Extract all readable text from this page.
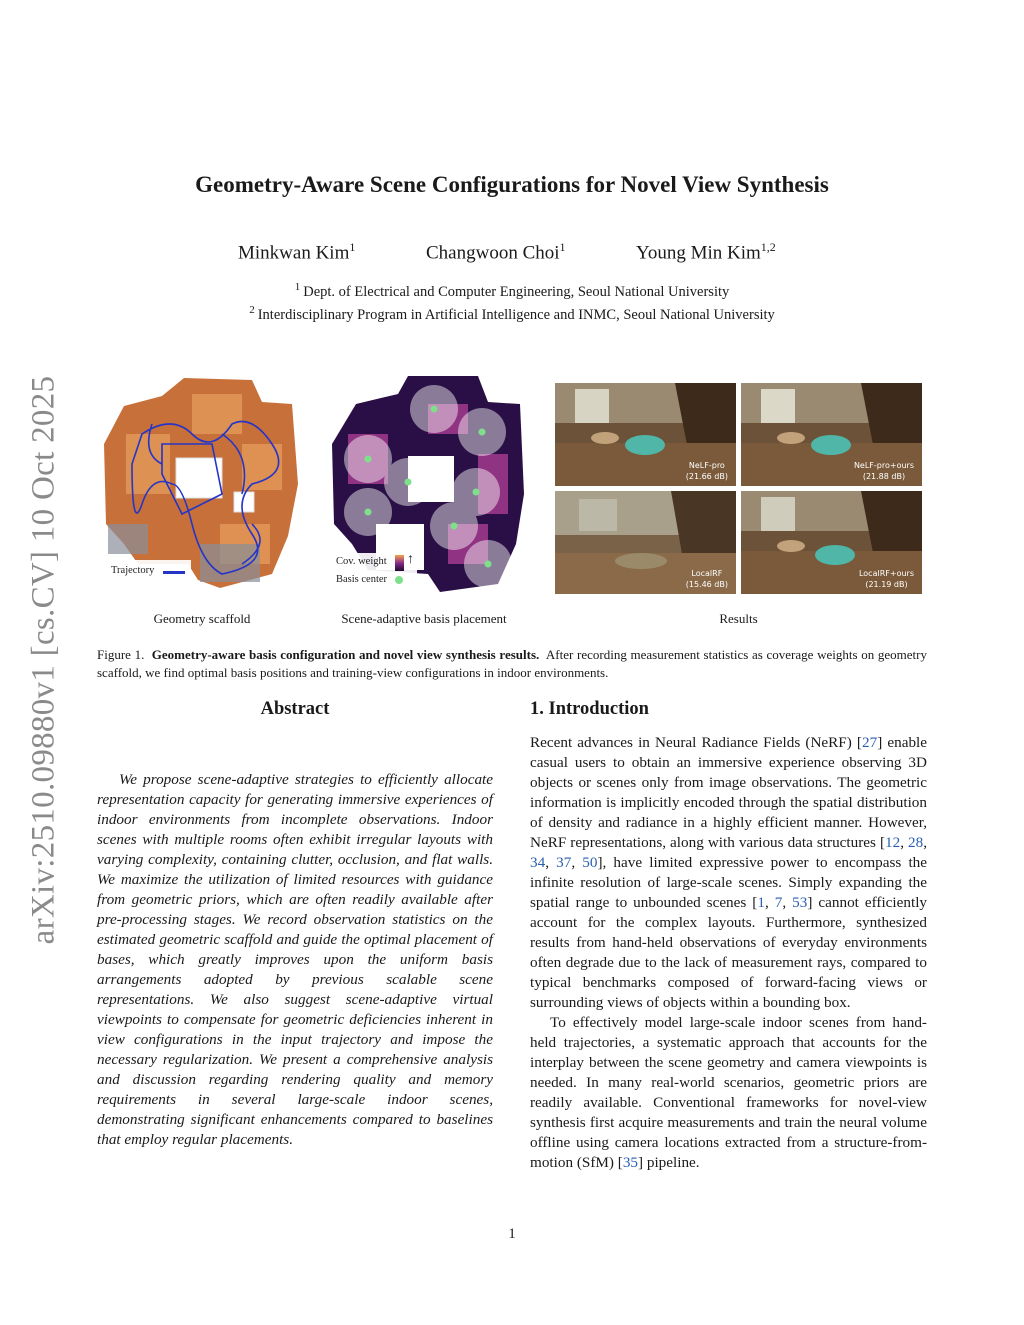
arXiv:2510.09880v1 [cs.CV] 10 Oct 2025
Geometry-Aware Scene Configurations for Novel View Synthesis
Minkwan Kim$^1$	Changwoon Choi$^1$	Young Min Kim$^{1,2}$
$^1$ Dept. of Electrical and Computer Engineering, Seoul National University
$^2$ Interdisciplinary Program in Artificial Intelligence and INMC, Seoul National University
Trajectory
Cov. weight ↑
Basis center
NeLF-pro
(21.66 dB)
NeLF-pro+ours
(21.88 dB)
LocalRF
(15.46 dB)
LocalRF+ours
(21.19 dB)
Geometry scaffold	Scene-adaptive basis placement	Results
Figure 1. Geometry-aware basis configuration and novel view synthesis results. After recording measurement statistics as coverage weights on geometry scaffold, we find optimal basis positions and training-view configurations in indoor environments.
Abstract
We propose scene-adaptive strategies to efficiently allocate representation capacity for generating immersive experiences of indoor environments from incomplete observations. Indoor scenes with multiple rooms often exhibit irregular layouts with varying complexity, containing clutter, occlusion, and flat walls. We maximize the utilization of limited resources with guidance from geometric priors, which are often readily available after pre-processing stages. We record observation statistics on the estimated geometric scaffold and guide the optimal placement of bases, which greatly improves upon the uniform basis arrangements adopted by previous scalable scene representations. We also suggest scene-adaptive virtual viewpoints to compensate for geometric deficiencies inherent in view configurations in the input trajectory and impose the necessary regularization. We present a comprehensive analysis and discussion regarding rendering quality and memory requirements in several large-scale indoor scenes, demonstrating significant enhancements compared to baselines that employ regular placements.
1. Introduction

Recent advances in Neural Radiance Fields (NeRF) [27] enable casual users to obtain an immersive experience observing 3D objects or scenes only from image observations. The geometric information is implicitly encoded through the spatial distribution of density and radiance in a highly efficient manner. However, NeRF representations, along with various data structures [12, 28, 34, 37, 50], have limited expressive power to encompass the infinite resolution of large-scale scenes. Simply expanding the spatial range to unbounded scenes [1, 7, 53] cannot efficiently account for the complex layouts. Furthermore, synthesized results from hand-held observations of everyday environments often degrade due to the lack of measurement rays, compared to typical benchmarks composed of forward-facing views or surrounding views of objects within a bounding box.

To effectively model large-scale indoor scenes from hand-held trajectories, a systematic approach that accounts for the interplay between the scene geometry and camera viewpoints is needed. In many real-world scenarios, geometric priors are readily available. Conventional frameworks for novel-view synthesis first acquire measurements and train the neural volume offline using camera locations extracted from a structure-from-motion (SfM) [35] pipeline.

1
